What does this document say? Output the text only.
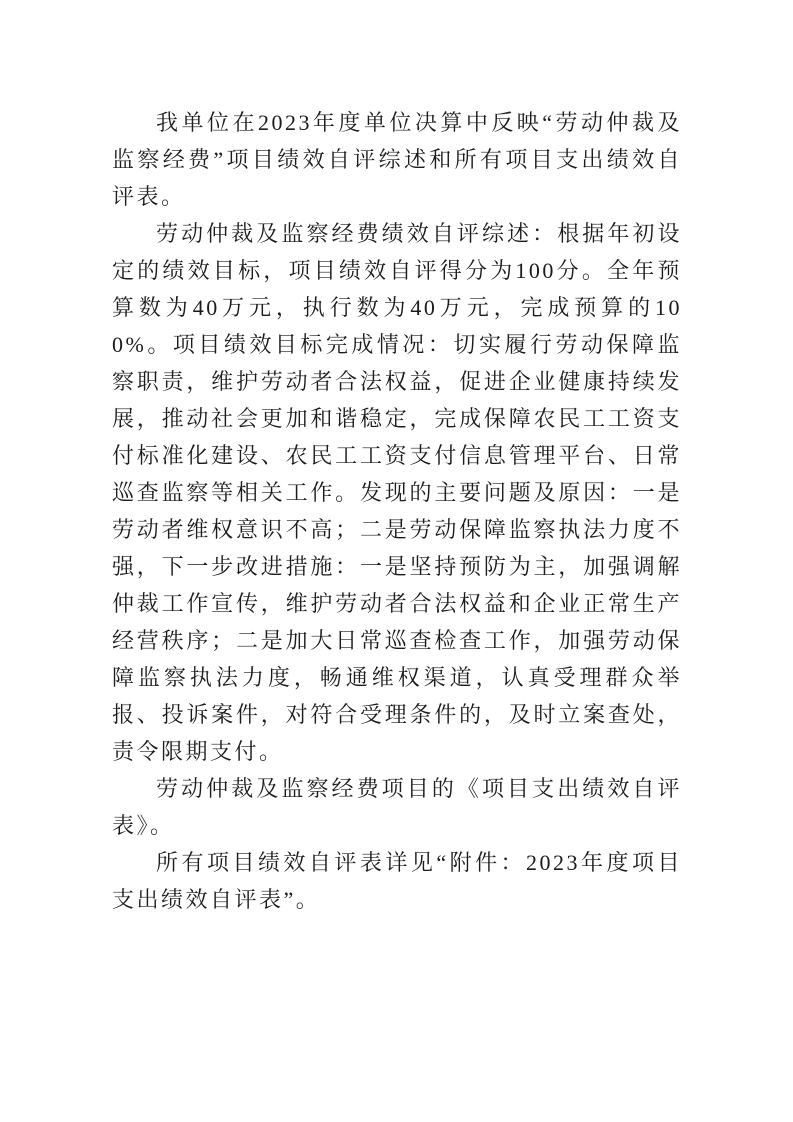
我单位在2023年度单位决算中反映“劳动仲裁及监察经费”项目绩效自评综述和所有项目支出绩效自评表。

劳动仲裁及监察经费绩效自评综述：根据年初设定的绩效目标，项目绩效自评得分为100分。全年预算数为40万元，执行数为40万元，完成预算的100%。项目绩效目标完成情况：切实履行劳动保障监察职责，维护劳动者合法权益，促进企业健康持续发展，推动社会更加和谐稳定，完成保障农民工工资支付标准化建设、农民工工资支付信息管理平台、日常巡查监察等相关工作。发现的主要问题及原因：一是劳动者维权意识不高；二是劳动保障监察执法力度不强，下一步改进措施：一是坚持预防为主，加强调解仲裁工作宣传，维护劳动者合法权益和企业正常生产经营秩序；二是加大日常巡查检查工作，加强劳动保障监察执法力度，畅通维权渠道，认真受理群众举报、投诉案件，对符合受理条件的，及时立案查处，责令限期支付。

劳动仲裁及监察经费项目的《项目支出绩效自评表》。

所有项目绩效自评表详见“附件：2023年度项目支出绩效自评表”。
